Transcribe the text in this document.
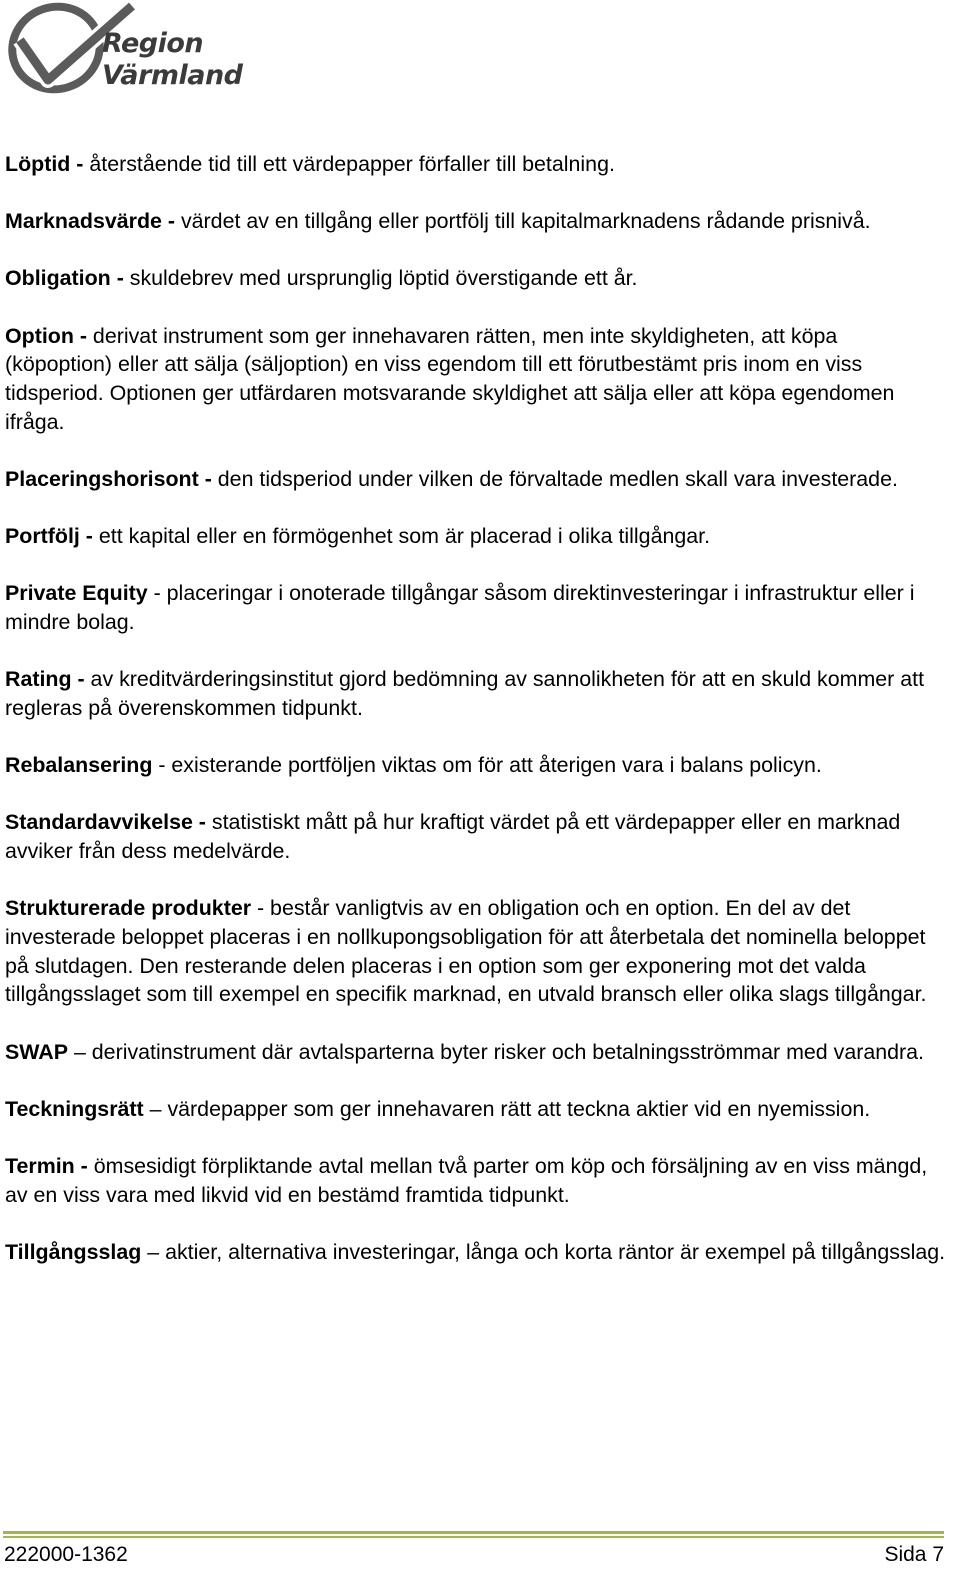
Region
Värmland

Löptid - återstående tid till ett värdepapper förfaller till betalning.

Marknadsvärde - värdet av en tillgång eller portfölj till kapitalmarknadens rådande prisnivå.

Obligation - skuldebrev med ursprunglig löptid överstigande ett år.

Option - derivat instrument som ger innehavaren rätten, men inte skyldigheten, att köpa (köpoption) eller att sälja (säljoption) en viss egendom till ett förutbestämt pris inom en viss tidsperiod. Optionen ger utfärdaren motsvarande skyldighet att sälja eller att köpa egendomen ifråga.

Placeringshorisont - den tidsperiod under vilken de förvaltade medlen skall vara investerade.

Portfölj - ett kapital eller en förmögenhet som är placerad i olika tillgångar.

Private Equity - placeringar i onoterade tillgångar såsom direktinvesteringar i infrastruktur eller i mindre bolag.

Rating - av kreditvärderingsinstitut gjord bedömning av sannolikheten för att en skuld kommer att regleras på överenskommen tidpunkt.

Rebalansering - existerande portföljen viktas om för att återigen vara i balans policyn.

Standardavvikelse - statistiskt mått på hur kraftigt värdet på ett värdepapper eller en marknad avviker från dess medelvärde.

Strukturerade produkter - består vanligtvis av en obligation och en option. En del av det investerade beloppet placeras i en nollkupongsobligation för att återbetala det nominella beloppet på slutdagen. Den resterande delen placeras i en option som ger exponering mot det valda tillgångsslaget som till exempel en specifik marknad, en utvald bransch eller olika slags tillgångar.

SWAP – derivatinstrument där avtalsparterna byter risker och betalningsströmmar med varandra.

Teckningsrätt – värdepapper som ger innehavaren rätt att teckna aktier vid en nyemission.

Termin - ömsesidigt förpliktande avtal mellan två parter om köp och försäljning av en viss mängd, av en viss vara med likvid vid en bestämd framtida tidpunkt.

Tillgångsslag – aktier, alternativa investeringar, långa och korta räntor är exempel på tillgångsslag.

222000-1362	Sida 7
